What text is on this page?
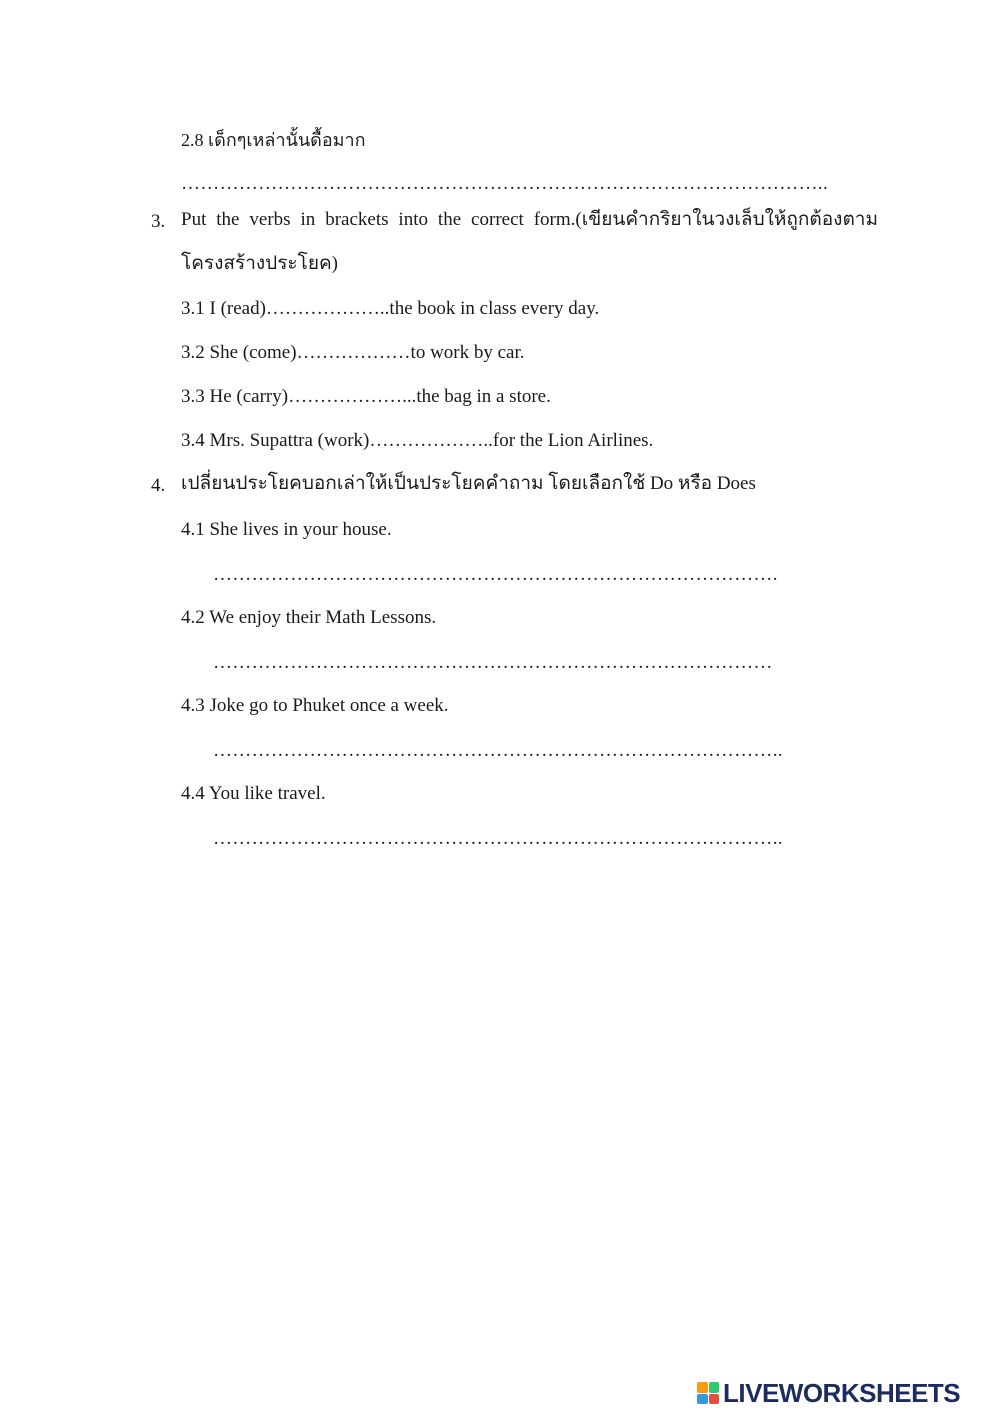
2.8 เด็กๆเหล่านั้นดื้อมาก
………………………………………………………………………………………..
3. Put the verbs in brackets into the correct form.(เขียนคำกริยาในวงเล็บให้ถูกต้องตาม
โครงสร้างประโยค)
3.1 I (read)………………..the book in class every day.
3.2 She (come)………………to work by car.
3.3 He (carry)………………...the bag in a store.
3.4 Mrs. Supattra (work)………………..for the Lion Airlines.
4. เปลี่ยนประโยคบอกเล่าให้เป็นประโยคคำถาม โดยเลือกใช้ Do หรือ Does
4.1 She lives in your house.
…………………………………………………………………………….
4.2 We enjoy their Math Lessons.
……………………………………………………………………………
4.3 Joke go to Phuket once a week.
……………………………………………………………………………..
4.4 You like travel.
……………………………………………………………………………..
LIVEWORKSHEETS
